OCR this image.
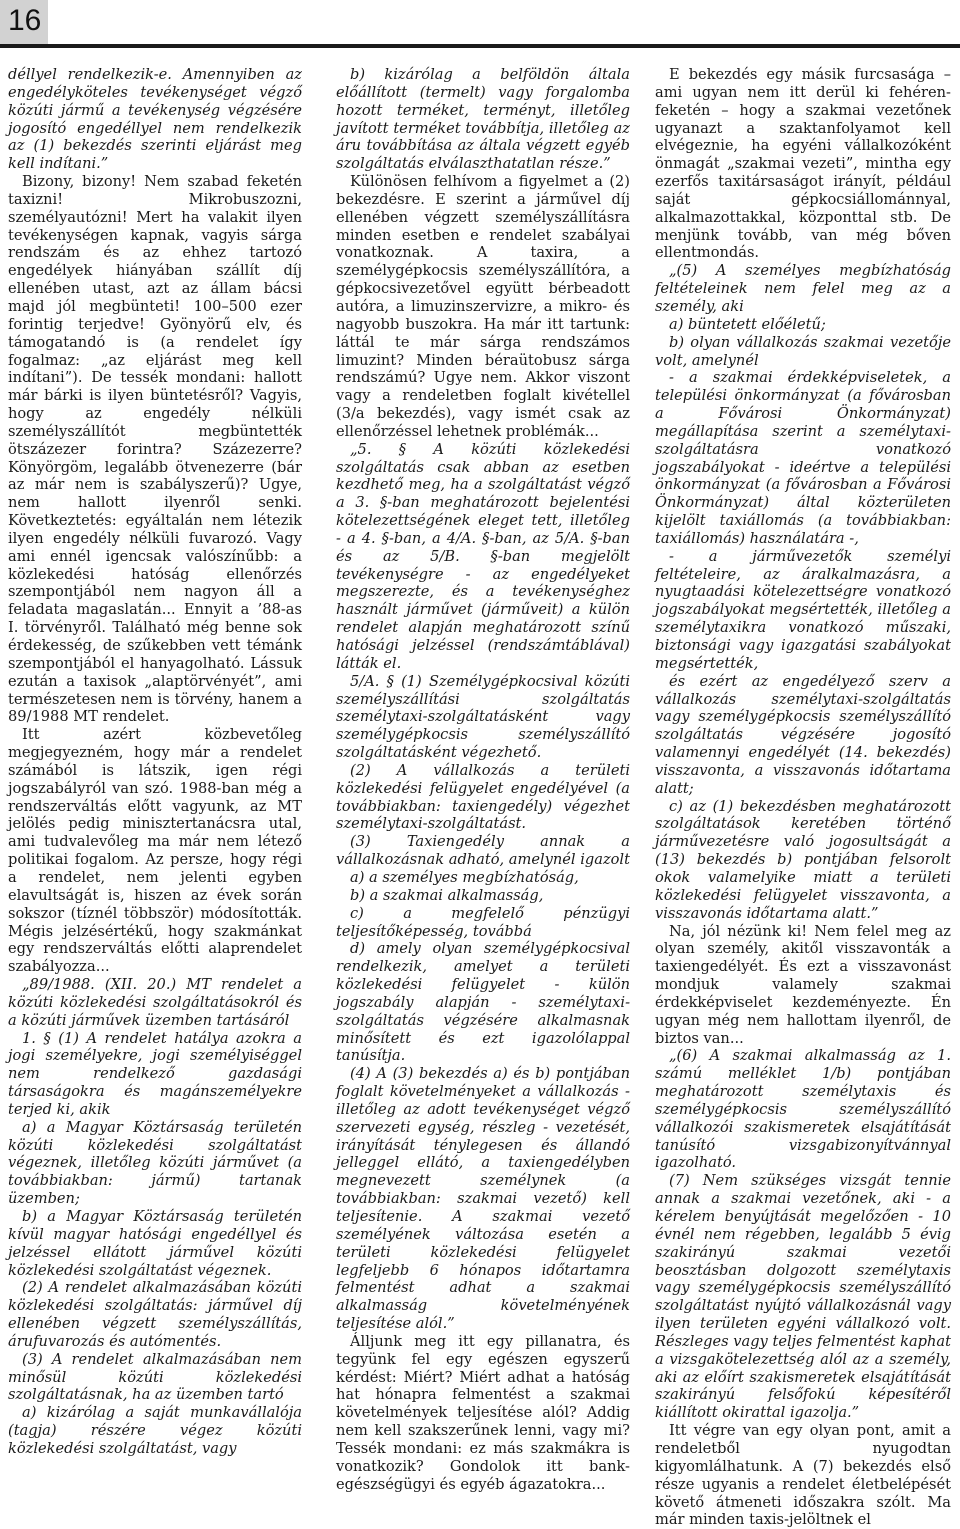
16

déllyel rendelkezik-e. Amennyiben az engedélyköteles tevékenységet végző közúti jármű a tevékenység végzésére jogosító engedéllyel nem rendelkezik az (1) bekezdés szerinti eljárást meg kell indítani.”

Bizony, bizony! Nem szabad feketén taxizni! Mikrobuszozni, személyautózni! Mert ha valakit ilyen tevékenységen kapnak, vagyis sárga rendszám és az ehhez tartozó engedélyek hiányában szállít díj ellenében utast, azt az állam bácsi majd jól megbünteti! 100–500 ezer forintig terjedve! Gyönyörű elv, és támogatandó is (a rendelet így fogalmaz: „az eljárást meg kell indítani”). De tessék mondani: hallott már bárki is ilyen büntetésről? Vagyis, hogy az engedély nélküli személyszállítót megbüntették ötszázezer forintra? Százezerre? Könyörgöm, legalább ötvenezerre (bár az már nem is szabályszerű)? Ugye, nem hallott ilyenről senki. Következtetés: egyáltalán nem létezik ilyen engedély nélküli fuvarozó. Vagy ami ennél igencsak valószínűbb: a közlekedési hatóság ellenőrzés szempontjából nem nagyon áll a feladata magaslatán... Ennyit a ’88-as I. törvényről. Található még benne sok érdekesség, de szűkebben vett témánk szempontjából el hanyagolható. Lássuk ezután a taxisok „alaptörvényét”, ami természetesen nem is törvény, hanem a 89/1988 MT rendelet.

Itt azért közbevetőleg megjegyezném, hogy már a rendelet számából is látszik, igen régi jogszabályról van szó. 1988-ban még a rendszerváltás előtt vagyunk, az MT jelölés pedig minisztertanácsra utal, ami tudvalevőleg ma már nem létező politikai fogalom. Az persze, hogy régi a rendelet, nem jelenti egyben elavultságát is, hiszen az évek során sokszor (tíznél többször) módosították. Mégis jelzésértékű, hogy szakmánkat egy rendszerváltás előtti alaprendelet szabályozza...

„89/1988. (XII. 20.) MT rendelet a közúti közlekedési szolgáltatásokról és a közúti járművek üzemben tartásáról

1. § (1) A rendelet hatálya azokra a jogi személyekre, jogi személyiséggel nem rendelkező gazdasági társaságokra és magánszemélyekre terjed ki, akik

a) a Magyar Köztársaság területén közúti közlekedési szolgáltatást végeznek, illetőleg közúti járművet (a továbbiakban: jármű) tartanak üzemben;

b) a Magyar Köztársaság területén kívül magyar hatósági engedéllyel és jelzéssel ellátott járművel közúti közlekedési szolgáltatást végeznek.

(2) A rendelet alkalmazásában közúti közlekedési szolgáltatás: járművel díj ellenében végzett személyszállítás, árufuvarozás és autómentés.

(3) A rendelet alkalmazásában nem minősül közúti közlekedési szolgáltatásnak, ha az üzemben tartó

a) kizárólag a saját munkavállalója (tagja) részére végez közúti közlekedési szolgáltatást, vagy

b) kizárólag a belföldön általa előállított (termelt) vagy forgalomba hozott terméket, terményt, illetőleg javított terméket továbbítja, illetőleg az áru továbbítása az általa végzett egyéb szolgáltatás elválaszthatatlan része.”

Különösen felhívom a figyelmet a (2) bekezdésre. E szerint a járművel díj ellenében végzett személyszállításra minden esetben e rendelet szabályai vonatkoznak. A taxira, a személygépkocsis személyszállítóra, a gépkocsivezetővel együtt bérbeadott autóra, a limuzinszervizre, a mikro- és nagyobb buszokra. Ha már itt tartunk: láttál te már sárga rendszámos limuzint? Minden béraütobusz sárga rendszámú? Ugye nem. Akkor viszont vagy a rendeletben foglalt kivétellel (3/a bekezdés), vagy ismét csak az ellenőrzéssel lehetnek problémák...

„5. § A közúti közlekedési szolgáltatás csak abban az esetben kezdhető meg, ha a szolgáltatást végző a 3. §-ban meghatározott bejelentési kötelezettségének eleget tett, illetőleg - a 4. §-ban, a 4/A. §-ban, az 5/A. §-ban és az 5/B. §-ban megjelölt tevékenységre - az engedélyeket megszerezte, és a tevékenységhez használt járművet (járműveit) a külön rendelet alapján meghatározott színű hatósági jelzéssel (rendszámtáblával) látták el.

5/A. § (1) Személygépkocsival közúti személyszállítási szolgáltatás személytaxi-szolgáltatásként vagy személygépkocsis személyszállító szolgáltatásként végezhető.

(2) A vállalkozás a területi közlekedési felügyelet engedélyével (a továbbiakban: taxiengedély) végezhet személytaxi-szolgáltatást.

(3) Taxiengedély annak a vállalkozásnak adható, amelynél igazolt

a) a személyes megbízhatóság,

b) a szakmai alkalmasság,

c) a megfelelő pénzügyi teljesítőképesség, továbbá

d) amely olyan személygépkocsival rendelkezik, amelyet a területi közlekedési felügyelet - külön jogszabály alapján - személytaxi-szolgáltatás végzésére alkalmasnak minősített és ezt igazolólappal tanúsítja.

(4) A (3) bekezdés a) és b) pontjában foglalt követelményeket a vállalkozás - illetőleg az adott tevékenységet végző szervezeti egység, részleg - vezetését, irányítását ténylegesen és állandó jelleggel ellátó, a taxiengedélyben megnevezett személynek (a továbbiakban: szakmai vezető) kell teljesítenie. A szakmai vezető személyének változása esetén a területi közlekedési felügyelet legfeljebb 6 hónapos időtartamra felmentést adhat a szakmai alkalmasság követelményének teljesítése alól.”

Álljunk meg itt egy pillanatra, és tegyünk fel egy egészen egyszerű kérdést: Miért? Miért adhat a hatóság hat hónapra felmentést a szakmai követelmények teljesítése alól? Addig nem kell szakszerűnek lenni, vagy mi? Tessék mondani: ez más szakmákra is vonatkozik? Gondolok itt bank- egészségügyi és egyéb ágazatokra...

E bekezdés egy másik furcsasága – ami ugyan nem itt derül ki fehéren-feketén – hogy a szakmai vezetőnek ugyanazt a szaktanfolyamot kell elvégeznie, ha egyéni vállalkozóként önmagát „szakmai vezeti”, mintha egy ezerfős taxitársaságot irányít, például saját gépkocsiállománnyal, alkalmazottakkal, központtal stb. De menjünk tovább, van még bőven ellentmondás.

„(5) A személyes megbízhatóság feltételeinek nem felel meg az a személy, aki

a) büntetett előéletű;

b) olyan vállalkozás szakmai vezetője volt, amelynél

- a szakmai érdekképviseletek, a települési önkormányzat (a fővárosban a Fővárosi Önkormányzat) megállapítása szerint a személytaxi-szolgáltatásra vonatkozó jogszabályokat - ideértve a települési önkormányzat (a fővárosban a Fővárosi Önkormányzat) által közterületen kijelölt taxiállomás (a továbbiakban: taxiállomás) használatára -,

- a járművezetők személyi feltételeire, az áralkalmazásra, a nyugtaadási kötelezettségre vonatkozó jogszabályokat megsértették, illetőleg a személytaxikra vonatkozó műszaki, biztonsági vagy igazgatási szabályokat megsértették,

és ezért az engedélyező szerv a vállalkozás személytaxi-szolgáltatás vagy személygépkocsis személyszállító szolgáltatás végzésére jogosító valamennyi engedélyét (14. bekezdés) visszavonta, a visszavonás időtartama alatt;

c) az (1) bekezdésben meghatározott szolgáltatások keretében történő járművezetésre való jogosultságát a (13) bekezdés b) pontjában felsorolt okok valamelyike miatt a területi közlekedési felügyelet visszavonta, a visszavonás időtartama alatt.”

Na, jól nézünk ki! Nem felel meg az olyan személy, akitől visszavonták a taxiengedélyét. És ezt a visszavonást mondjuk valamely szakmai érdekképviselet kezdeményezte. Én ugyan még nem hallottam ilyenről, de biztos van...

„(6) A szakmai alkalmasság az 1. számú melléklet 1/b) pontjában meghatározott személytaxis és személygépkocsis személyszállító vállalkozói szakismeretek elsajátítását tanúsító vizsgabizonyítvánnyal igazolható.

(7) Nem szükséges vizsgát tennie annak a szakmai vezetőnek, aki - a kérelem benyújtását megelőzően - 10 évnél nem régebben, legalább 5 évig szakirányú szakmai vezetői beosztásban dolgozott személytaxis vagy személygépkocsis személyszállító szolgáltatást nyújtó vállalkozásnál vagy ilyen területen egyéni vállalkozó volt. Részleges vagy teljes felmentést kaphat a vizsgakötelezettség alól az a személy, aki az előírt szakismeretek elsajátítását szakirányú felsőfokú képesítéről kiállított okirattal igazolja.”

Itt végre van egy olyan pont, amit a rendeletből nyugodtan kigyomlálhatunk. A (7) bekezdés első része ugyanis a rendelet életbelépését követő átmeneti időszakra szólt. Ma már minden taxis-jelöltnek el
